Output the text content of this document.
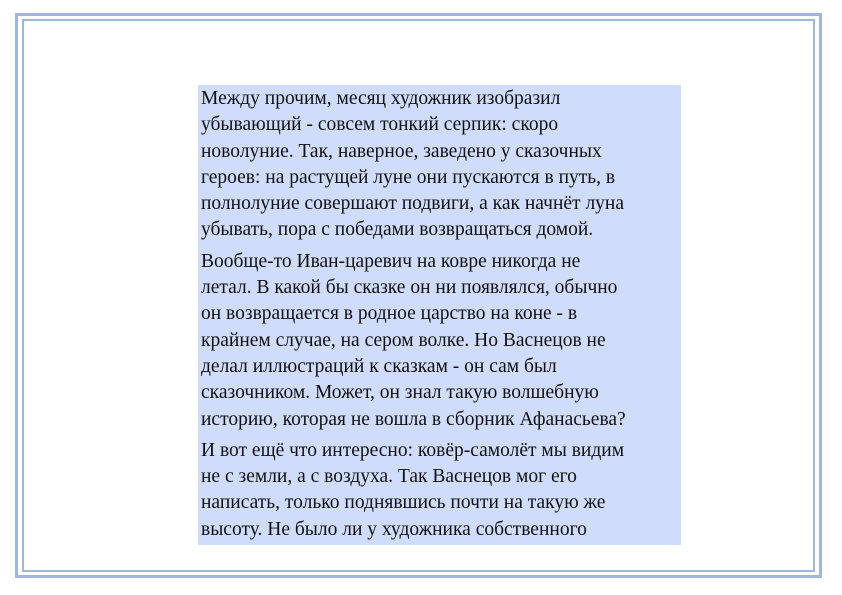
Между прочим, месяц художник изобразил
убывающий - совсем тонкий серпик: скоро
новолуние. Так, наверное, заведено у сказочных
героев: на растущей луне они пускаются в путь, в
полнолуние совершают подвиги, а как начнёт луна
убывать, пора с победами возвращаться домой.

Вообще-то Иван-царевич на ковре никогда не
летал. В какой бы сказке он ни появлялся, обычно
он возвращается в родное царство на коне - в
крайнем случае, на сером волке. Но Васнецов не
делал иллюстраций к сказкам - он сам был
сказочником. Может, он знал такую волшебную
историю, которая не вошла в сборник Афанасьева?

И вот ещё что интересно: ковёр-самолёт мы видим
не с земли, а с воздуха. Так Васнецов мог его
написать, только поднявшись почти на такую же
высоту. Не было ли у художника собственного
